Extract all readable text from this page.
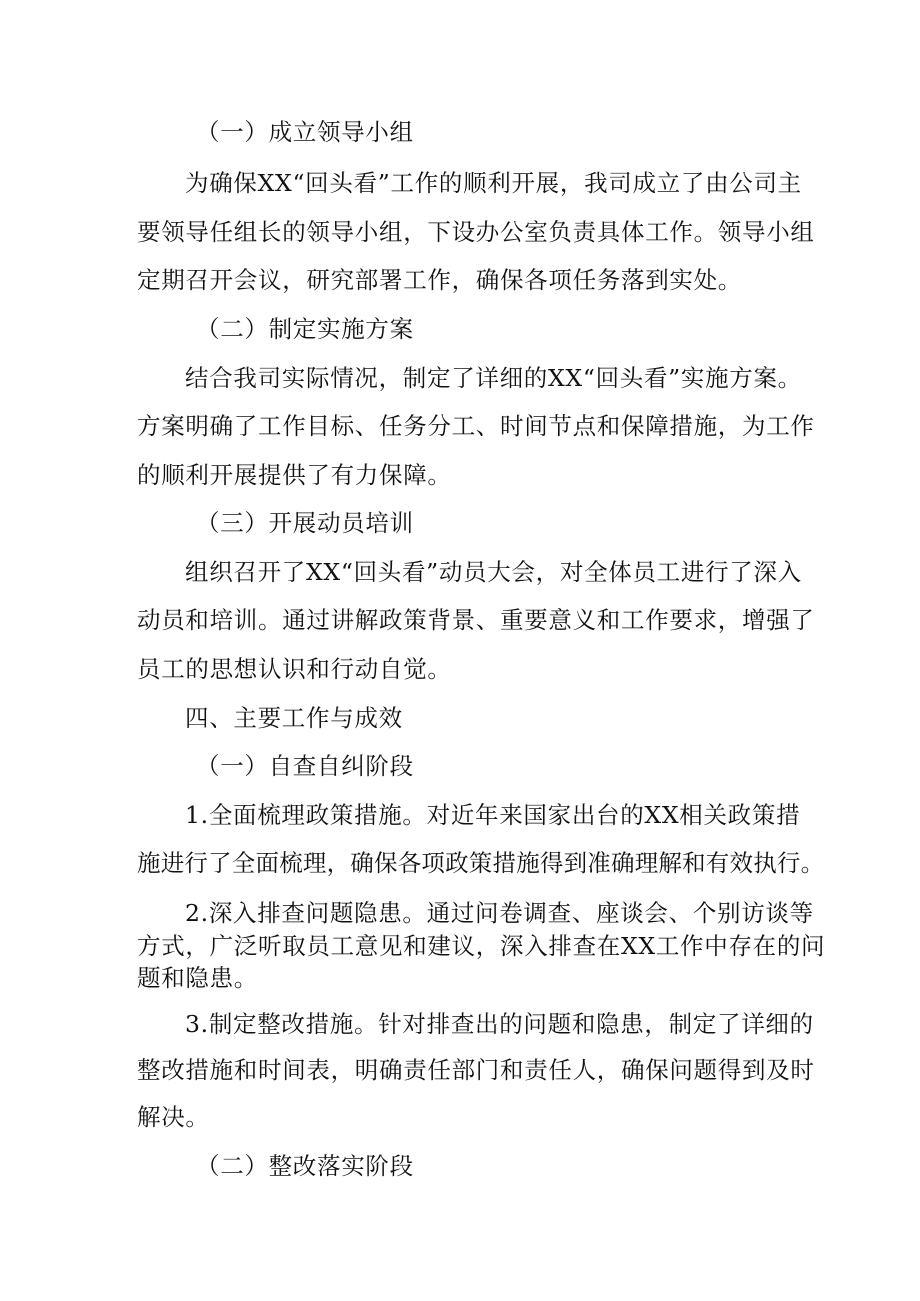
（一）成立领导小组

为确保XX“回头看”工作的顺利开展，我司成立了由公司主

要领导任组长的领导小组，下设办公室负责具体工作。领导小组

定期召开会议，研究部署工作，确保各项任务落到实处。

（二）制定实施方案

结合我司实际情况，制定了详细的XX“回头看”实施方案。

方案明确了工作目标、任务分工、时间节点和保障措施，为工作

的顺利开展提供了有力保障。

（三）开展动员培训

组织召开了XX“回头看”动员大会，对全体员工进行了深入

动员和培训。通过讲解政策背景、重要意义和工作要求，增强了

员工的思想认识和行动自觉。

四、主要工作与成效

（一）自查自纠阶段

1.全面梳理政策措施。对近年来国家出台的XX相关政策措

施进行了全面梳理，确保各项政策措施得到准确理解和有效执行。

2.深入排查问题隐患。通过问卷调查、座谈会、个别访谈等

方式，广泛听取员工意见和建议，深入排查在XX工作中存在的问

题和隐患。

3.制定整改措施。针对排查出的问题和隐患，制定了详细的

整改措施和时间表，明确责任部门和责任人，确保问题得到及时

解决。

（二）整改落实阶段
